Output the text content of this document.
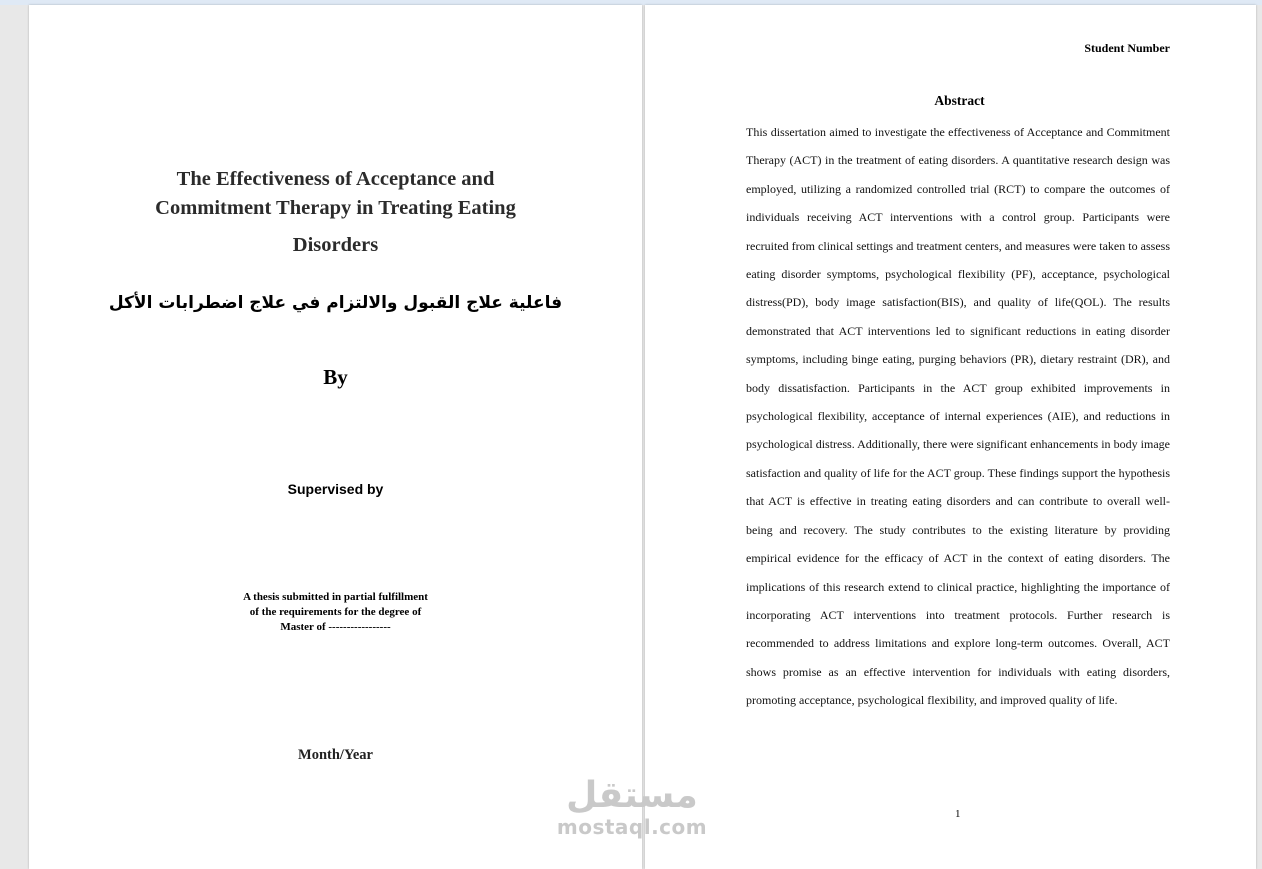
The Effectiveness of Acceptance and
Commitment Therapy in Treating Eating
Disorders
فاعلية علاج القبول والالتزام في علاج اضطرابات الأكل
By
Supervised by
A thesis submitted in partial fulfillment
of the requirements for the degree of
Master of -----------------
Month/Year
Student Number
Abstract

This dissertation aimed to investigate the effectiveness of Acceptance and Commitment Therapy (ACT) in the treatment of eating disorders. A quantitative research design was employed, utilizing a randomized controlled trial (RCT) to compare the outcomes of individuals receiving ACT interventions with a control group. Participants were recruited from clinical settings and treatment centers, and measures were taken to assess eating disorder symptoms, psychological flexibility (PF), acceptance, psychological distress(PD), body image satisfaction(BIS), and quality of life(QOL). The results demonstrated that ACT interventions led to significant reductions in eating disorder symptoms, including binge eating, purging behaviors (PR), dietary restraint (DR), and body dissatisfaction. Participants in the ACT group exhibited improvements in psychological flexibility, acceptance of internal experiences (AIE), and reductions in psychological distress. Additionally, there were significant enhancements in body image satisfaction and quality of life for the ACT group. These findings support the hypothesis that ACT is effective in treating eating disorders and can contribute to overall well-being and recovery. The study contributes to the existing literature by providing empirical evidence for the efficacy of ACT in the context of eating disorders. The implications of this research extend to clinical practice, highlighting the importance of incorporating ACT interventions into treatment protocols. Further research is recommended to address limitations and explore long-term outcomes. Overall, ACT shows promise as an effective intervention for individuals with eating disorders, promoting acceptance, psychological flexibility, and improved quality of life.

1
مستقل
mostaql.com
